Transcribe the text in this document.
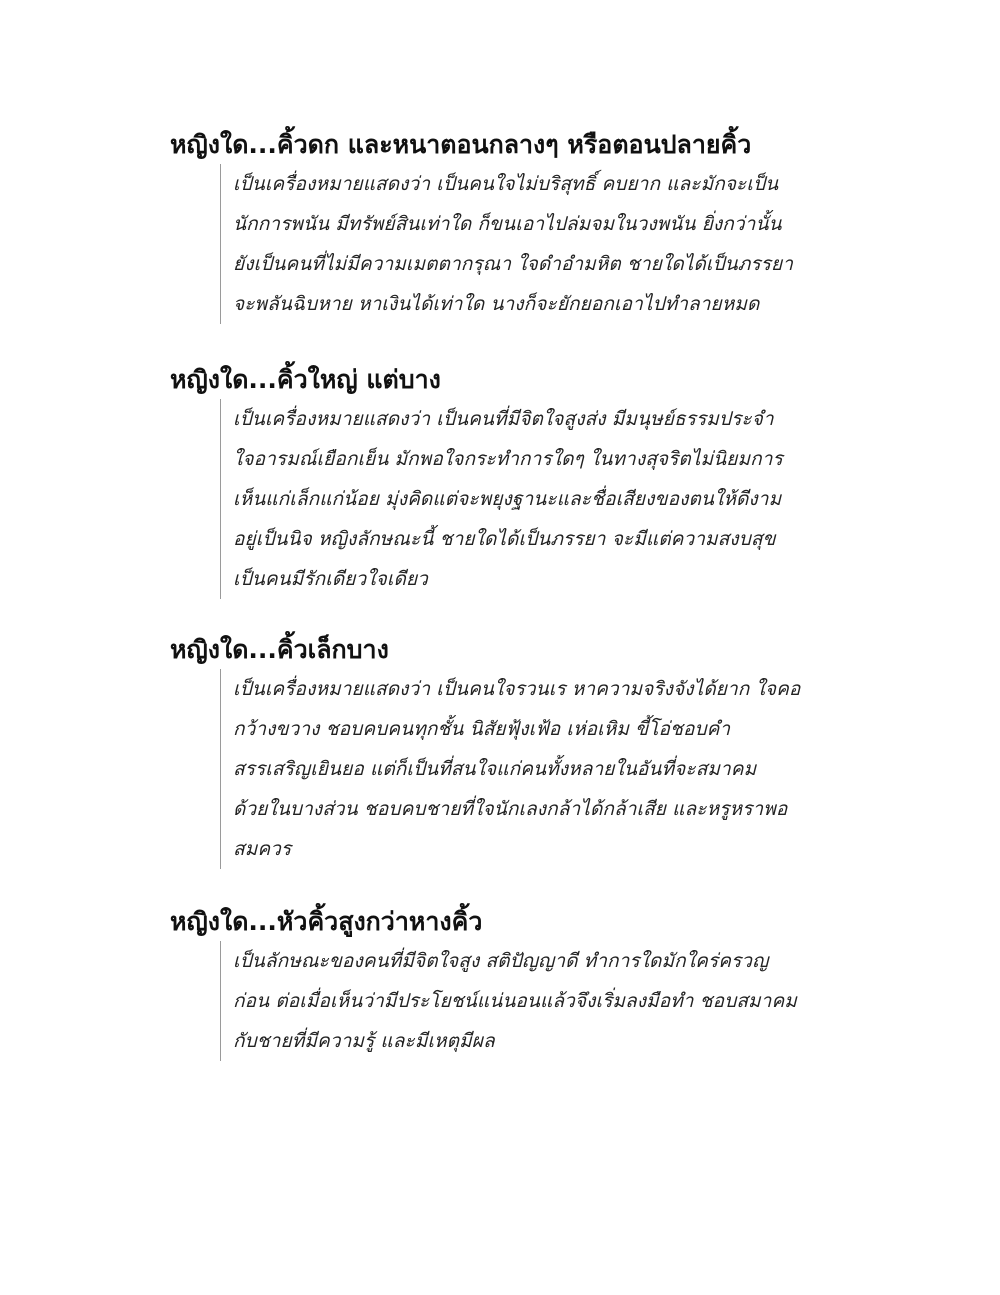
หญิงใด...คิ้วดก และหนาตอนกลางๆ หรือตอนปลายคิ้ว
เป็นเครื่องหมายแสดงว่า เป็นคนใจไม่บริสุทธิ์ คบยาก และมักจะเป็น
นักการพนัน มีทรัพย์สินเท่าใด ก็ขนเอาไปล่มจมในวงพนัน ยิ่งกว่านั้น
ยังเป็นคนที่ไม่มีความเมตตากรุณา ใจดำอำมหิต ชายใดได้เป็นภรรยา
จะพลันฉิบหาย หาเงินได้เท่าใด นางก็จะยักยอกเอาไปทำลายหมด
หญิงใด...คิ้วใหญ่ แต่บาง
เป็นเครื่องหมายแสดงว่า เป็นคนที่มีจิตใจสูงส่ง มีมนุษย์ธรรมประจำ
ใจอารมณ์เยือกเย็น มักพอใจกระทำการใดๆ ในทางสุจริตไม่นิยมการ
เห็นแก่เล็กแก่น้อย มุ่งคิดแต่จะพยุงฐานะและชื่อเสียงของตนให้ดีงาม
อยู่เป็นนิจ หญิงลักษณะนี้ ชายใดได้เป็นภรรยา จะมีแต่ความสงบสุข
เป็นคนมีรักเดียวใจเดียว
หญิงใด...คิ้วเล็กบาง
เป็นเครื่องหมายแสดงว่า เป็นคนใจรวนเร หาความจริงจังได้ยาก ใจคอ
กว้างขวาง ชอบคบคนทุกชั้น นิสัยฟุ้งเฟ้อ เห่อเหิม ขี้โอ่ชอบคำ
สรรเสริญเยินยอ แต่ก็เป็นที่สนใจแก่คนทั้งหลายในอันที่จะสมาคม
ด้วยในบางส่วน ชอบคบชายที่ใจนักเลงกล้าได้กล้าเสีย และหรูหราพอ
สมควร
หญิงใด...หัวคิ้วสูงกว่าหางคิ้ว
เป็นลักษณะของคนที่มีจิตใจสูง สติปัญญาดี ทำการใดมักใคร่ครวญ
ก่อน ต่อเมื่อเห็นว่ามีประโยชน์แน่นอนแล้วจึงเริ่มลงมือทำ ชอบสมาคม
กับชายที่มีความรู้ และมีเหตุมีผล
